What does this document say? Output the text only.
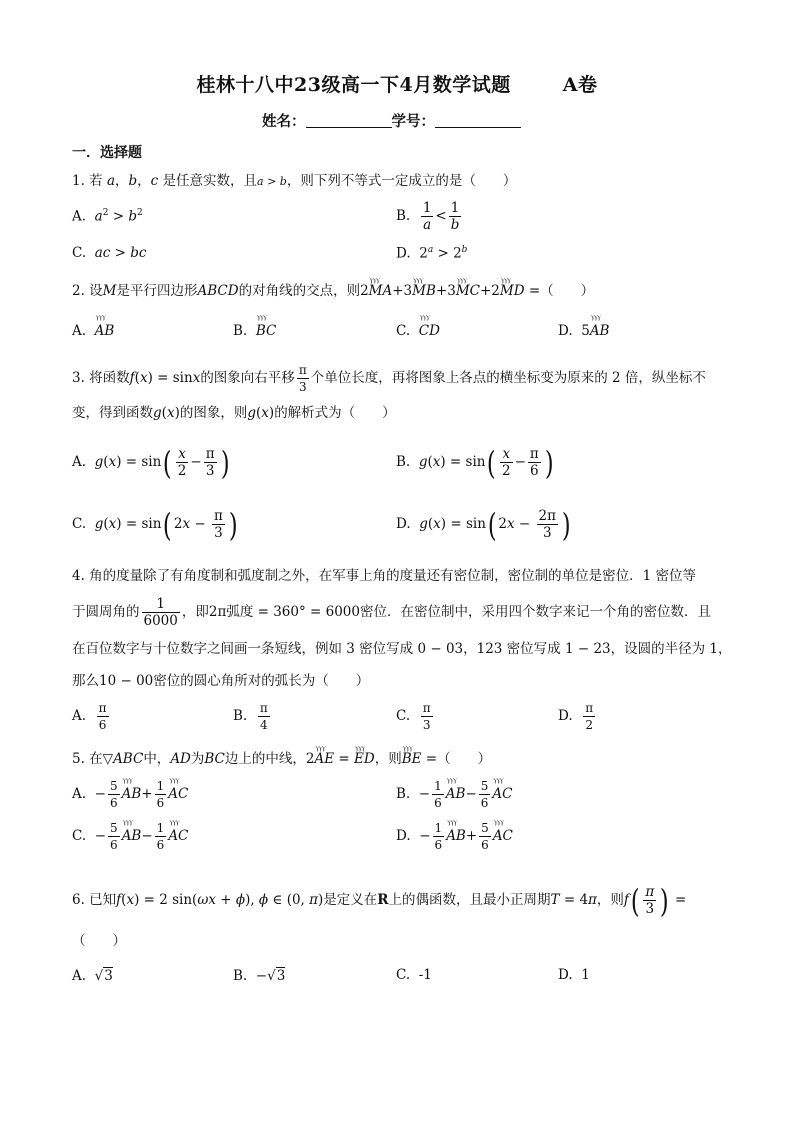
桂林十八中23级高一下4月数学试题	A卷
姓名：	学号：
一．选择题
1. 若 a，b，c 是任意实数，且a > b，则下列不等式一定成立的是（　　）
A. $a^2 > b^2$	B. $\frac{1}{a} < \frac{1}{b}$
C. ac > bc	D.  $2^a > 2^b$
2. 设M是平行四边形ABCD的对角线的交点，则2ⲩⲩⲩ MA+3ⲩⲩⲩ MB+3ⲩⲩⲩ MC+2ⲩⲩⲩ MD =（　　）
A. ⲩⲩⲩ AB	B. ⲩⲩⲩ BC	C. ⲩⲩⲩ CD	D.  5ⲩⲩⲩ AB
3. 将函数f(x) = sinx的图象向右平移 $\frac{\pi}{3}$ 个单位长度，再将图象上各点的横坐标变为原来的 2 倍，纵坐标不
变，得到函数g(x)的图象，则g(x)的解析式为（　　）
A. $g(x) = \sin( \frac{x}{2} - \frac{\pi}{3}$ )	B. $g(x) = \sin( \frac{x}{2} - \frac{\pi}{6}$ )
C. g(x) = sin( $2x - \frac{\pi}{3}$ )	D. g(x) = sin( $2x - \frac{2\pi}{3}$ )
4. 角的度量除了有角度制和弧度制之外，在军事上角的度量还有密位制，密位制的单位是密位．1 密位等
于圆周角的 $\frac{1}{6000}$ ，即2π弧度 = 360° = 6000密位．在密位制中，采用四个数字来记一个角的密位数．且
在百位数字与十位数字之间画一条短线，例如 3 密位写成 0 − 03，123 密位写成 1 − 23，设圆的半径为 1，
那么10 − 00密位的圆心角所对的弧长为（　　）
A. $\frac{\pi}{6}$	B. $\frac{\pi}{4}$	C. $\frac{\pi}{3}$	D. $\frac{\pi}{2}$
5. 在▽ABC中，AD为BC边上的中线，2ⲩⲩⲩ AE = ⲩⲩⲩ ED，则ⲩⲩⲩ BE =（　　）
A.  − $\frac{5}{6}$ ⲩⲩⲩ $AB+ \frac{1}{6}$ ⲩⲩⲩ AC	B.  − $\frac{1}{6}$ ⲩⲩⲩ $AB- \frac{5}{6}$ ⲩⲩⲩ AC
C.  − $\frac{5}{6}$ ⲩⲩⲩ $AB- \frac{1}{6}$ ⲩⲩⲩ AC	D.  − $\frac{1}{6}$ ⲩⲩⲩ $AB+ \frac{5}{6}$ ⲩⲩⲩ AC
6. 已知f(x) = 2 sin(ωx + ϕ), ϕ ∈ (0, π)是定义在R上的偶函数，且最小正周期T = 4π，则$f( \frac{\pi}{3}$ ) =
（　　）
A.  √3	B.  −√3	C. -1	D. 1
